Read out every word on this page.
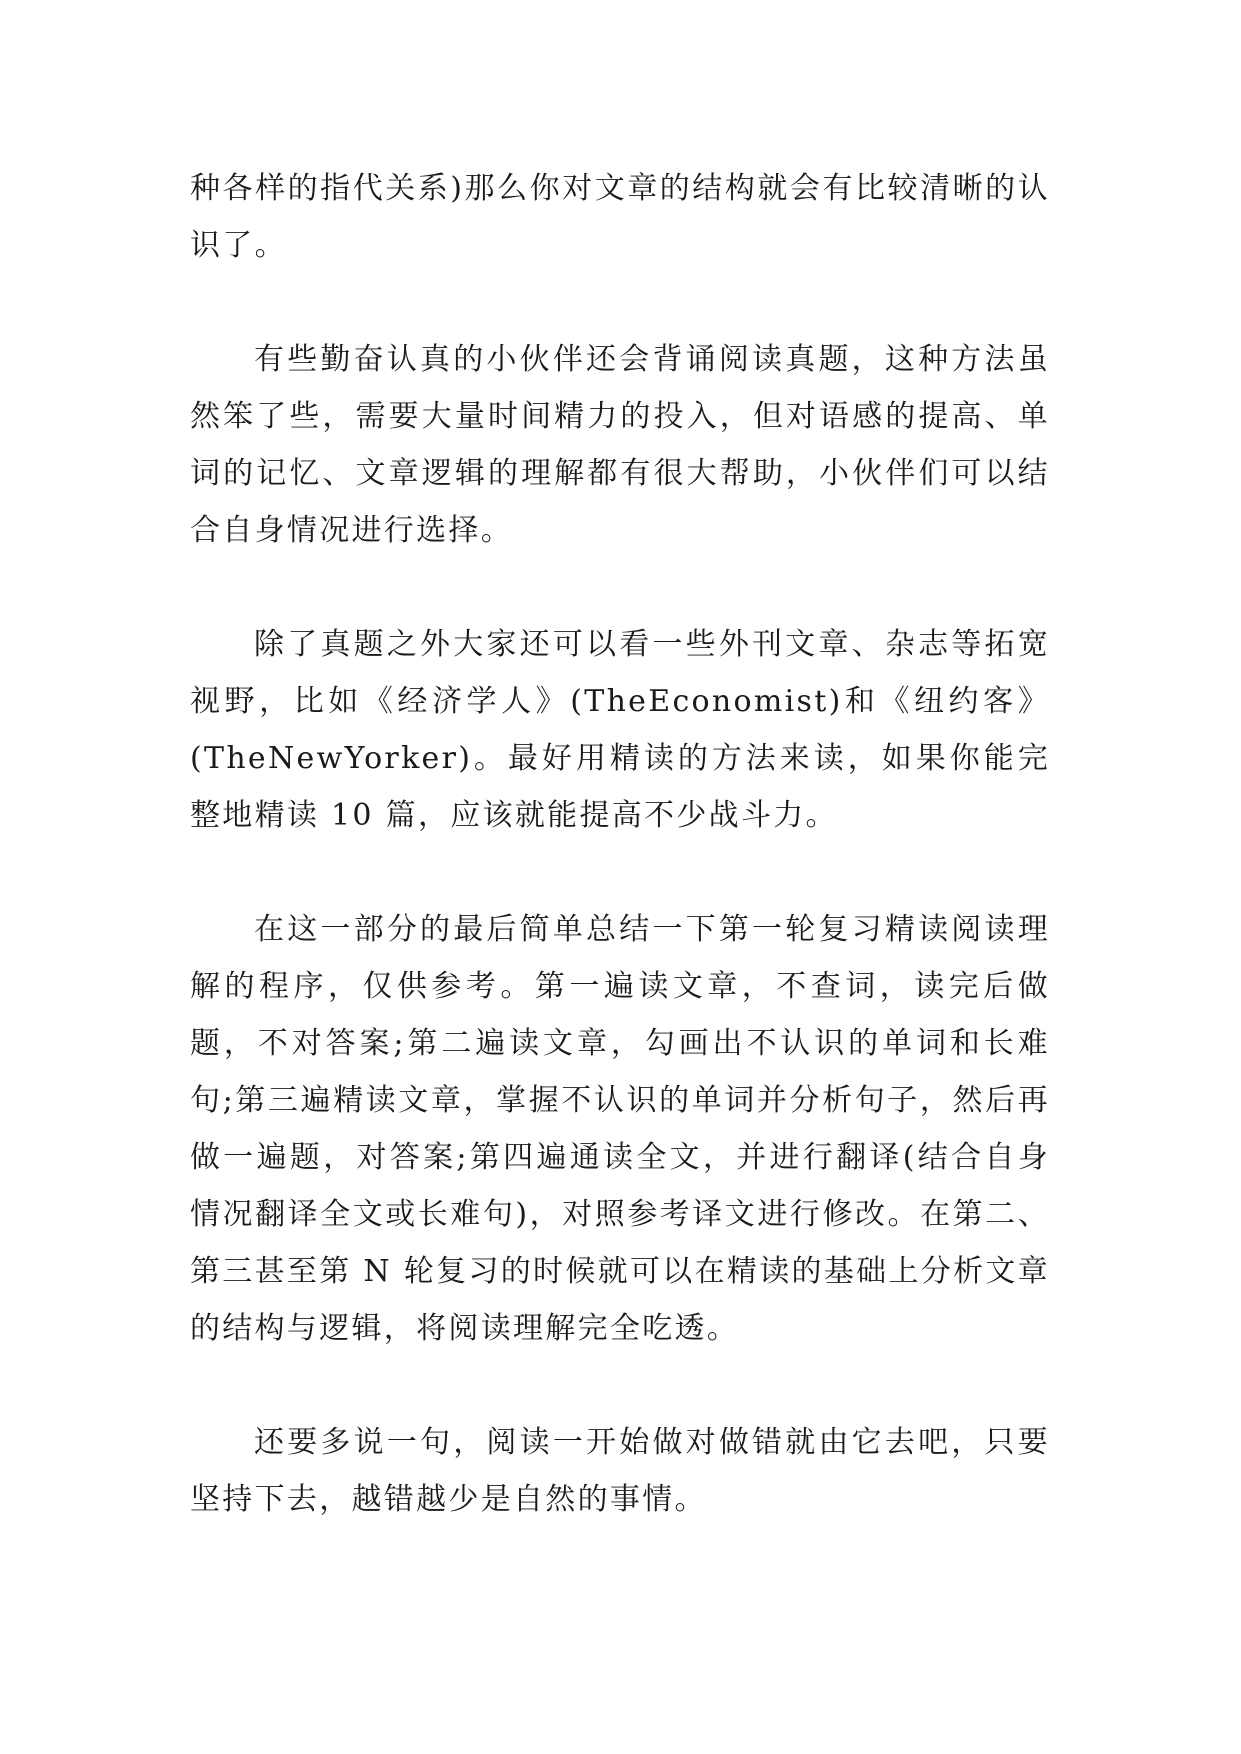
种各样的指代关系)那么你对文章的结构就会有比较清晰的认识了。

有些勤奋认真的小伙伴还会背诵阅读真题，这种方法虽然笨了些，需要大量时间精力的投入，但对语感的提高、单词的记忆、文章逻辑的理解都有很大帮助，小伙伴们可以结合自身情况进行选择。

除了真题之外大家还可以看一些外刊文章、杂志等拓宽视野，比如《经济学人》(TheEconomist)和《纽约客》(TheNewYorker)。最好用精读的方法来读，如果你能完整地精读 10 篇，应该就能提高不少战斗力。

在这一部分的最后简单总结一下第一轮复习精读阅读理解的程序，仅供参考。第一遍读文章，不查词，读完后做题，不对答案;第二遍读文章，勾画出不认识的单词和长难句;第三遍精读文章，掌握不认识的单词并分析句子，然后再做一遍题，对答案;第四遍通读全文，并进行翻译(结合自身情况翻译全文或长难句)，对照参考译文进行修改。在第二、第三甚至第 N 轮复习的时候就可以在精读的基础上分析文章的结构与逻辑，将阅读理解完全吃透。

还要多说一句，阅读一开始做对做错就由它去吧，只要坚持下去，越错越少是自然的事情。
